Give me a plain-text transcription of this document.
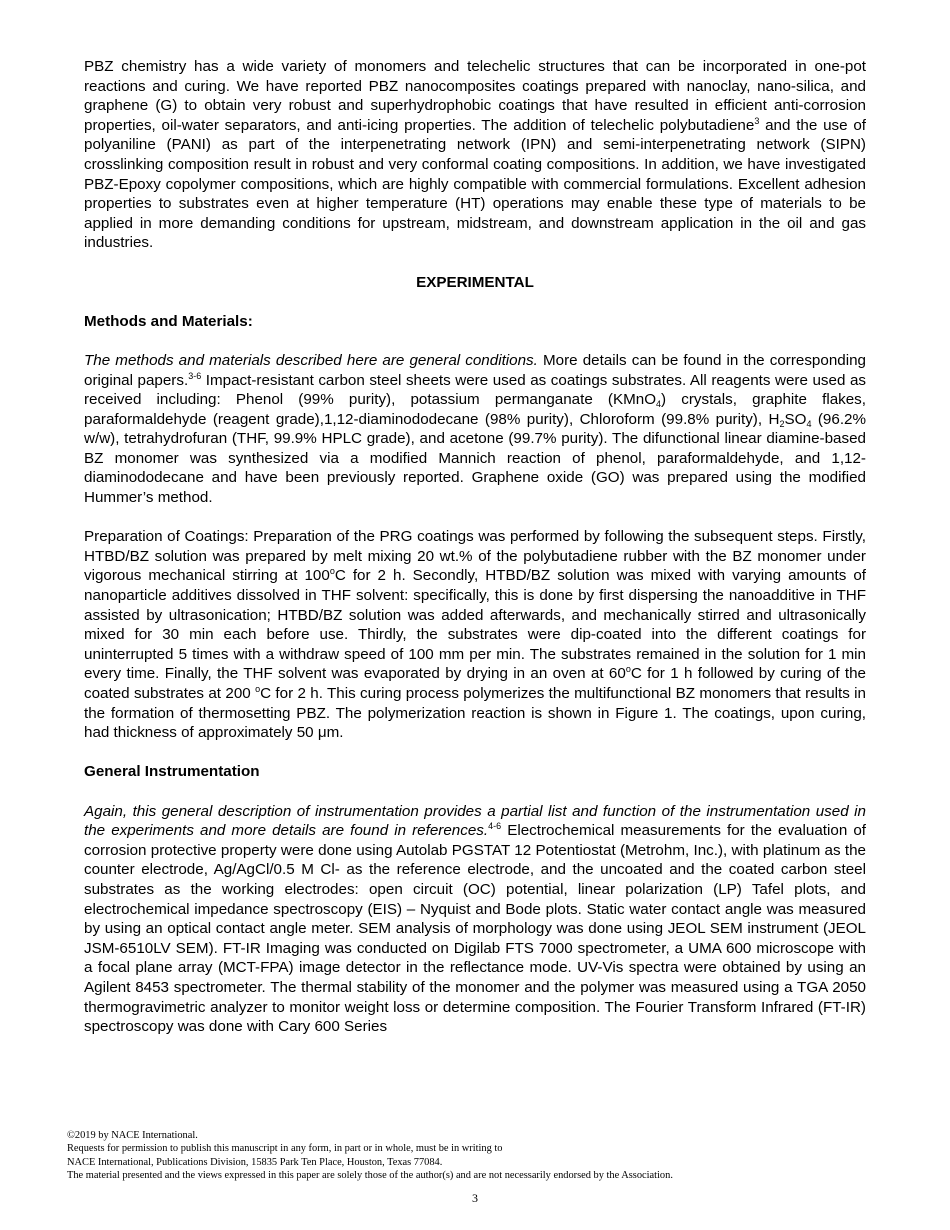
PBZ chemistry has a wide variety of monomers and telechelic structures that can be incorporated in one-pot reactions and curing. We have reported PBZ nanocomposites coatings prepared with nanoclay, nano-silica, and graphene (G) to obtain very robust and superhydrophobic coatings that have resulted in efficient anti-corrosion properties, oil-water separators, and anti-icing properties. The addition of telechelic polybutadiene$^3$ and the use of polyaniline (PANI) as part of the interpenetrating network (IPN) and semi-interpenetrating network (SIPN) crosslinking composition result in robust and very conformal coating compositions. In addition, we have investigated PBZ-Epoxy copolymer compositions, which are highly compatible with commercial formulations. Excellent adhesion properties to substrates even at higher temperature (HT) operations may enable these type of materials to be applied in more demanding conditions for upstream, midstream, and downstream application in the oil and gas industries.

EXPERIMENTAL

Methods and Materials:

The methods and materials described here are general conditions. More details can be found in the corresponding original papers.$^{3-6}$ Impact-resistant carbon steel sheets were used as coatings substrates. All reagents were used as received including: Phenol (99% purity), potassium permanganate (KMnO$_4$) crystals, graphite flakes, paraformaldehyde (reagent grade),1,12-diaminododecane (98% purity), Chloroform (99.8% purity), $H_2SO_4$ (96.2% w/w), tetrahydrofuran (THF, 99.9% HPLC grade), and acetone (99.7% purity). The difunctional linear diamine-based BZ monomer was synthesized via a modified Mannich reaction of phenol, paraformaldehyde, and 1,12-diaminododecane and have been previously reported. Graphene oxide (GO) was prepared using the modified Hummer’s method.

Preparation of Coatings: Preparation of the PRG coatings was performed by following the subsequent steps. Firstly, HTBD/BZ solution was prepared by melt mixing 20 wt.% of the polybutadiene rubber with the BZ monomer under vigorous mechanical stirring at 100$^o$C for 2 h. Secondly, HTBD/BZ solution was mixed with varying amounts of nanoparticle additives dissolved in THF solvent: specifically, this is done by first dispersing the nanoadditive in THF assisted by ultrasonication; HTBD/BZ solution was added afterwards, and mechanically stirred and ultrasonically mixed for 30 min each before use. Thirdly, the substrates were dip-coated into the different coatings for uninterrupted 5 times with a withdraw speed of 100 mm per min. The substrates remained in the solution for 1 min every time. Finally, the THF solvent was evaporated by drying in an oven at 60$^o$C for 1 h followed by curing of the coated substrates at 200 $^o$C for 2 h. This curing process polymerizes the multifunctional BZ monomers that results in the formation of thermosetting PBZ. The polymerization reaction is shown in Figure 1. The coatings, upon curing, had thickness of approximately 50 μm.

General Instrumentation

Again, this general description of instrumentation provides a partial list and function of the instrumentation used in the experiments and more details are found in references.$^{4-6}$ Electrochemical measurements for the evaluation of corrosion protective property were done using Autolab PGSTAT 12 Potentiostat (Metrohm, Inc.), with platinum as the counter electrode, Ag/AgCl/0.5 M Cl- as the reference electrode, and the uncoated and the coated carbon steel substrates as the working electrodes: open circuit (OC) potential, linear polarization (LP) Tafel plots, and electrochemical impedance spectroscopy (EIS) – Nyquist and Bode plots. Static water contact angle was measured by using an optical contact angle meter. SEM analysis of morphology was done using JEOL SEM instrument (JEOL JSM-6510LV SEM). FT-IR Imaging was conducted on Digilab FTS 7000 spectrometer, a UMA 600 microscope with a focal plane array (MCT-FPA) image detector in the reflectance mode. UV-Vis spectra were obtained by using an Agilent 8453 spectrometer. The thermal stability of the monomer and the polymer was measured using a TGA 2050 thermogravimetric analyzer to monitor weight loss or determine composition. The Fourier Transform Infrared (FT-IR) spectroscopy was done with Cary 600 Series

©2019 by NACE International.
Requests for permission to publish this manuscript in any form, in part or in whole, must be in writing to
NACE International, Publications Division, 15835 Park Ten Place, Houston, Texas 77084.
The material presented and the views expressed in this paper are solely those of the author(s) and are not necessarily endorsed by the Association.
3
